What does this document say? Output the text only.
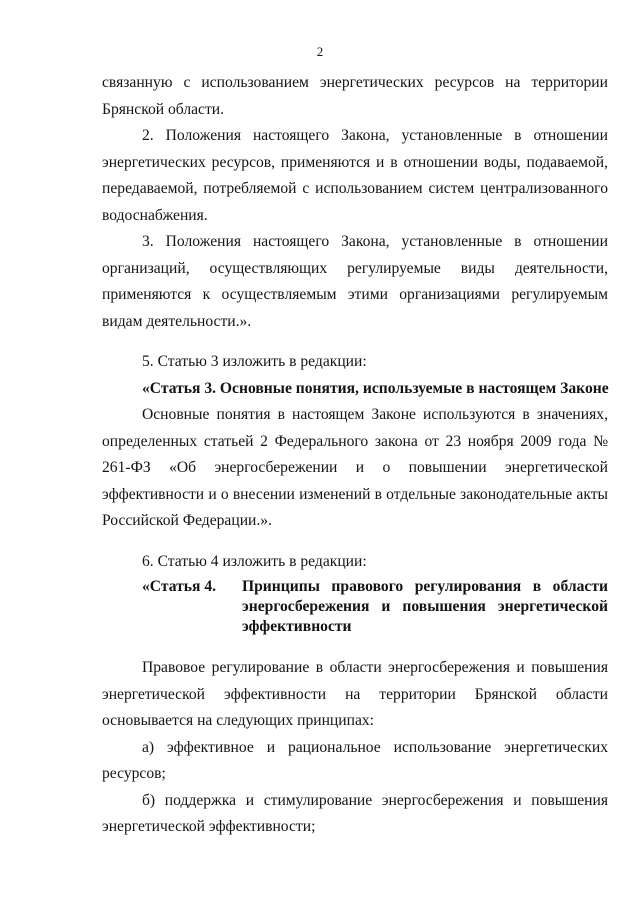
2

связанную с использованием энергетических ресурсов на территории Брянской области.

2. Положения настоящего Закона, установленные в отношении энергетических ресурсов, применяются и в отношении воды, подаваемой, передаваемой, потребляемой с использованием систем централизованного водоснабжения.

3. Положения настоящего Закона, установленные в отношении организаций, осуществляющих регулируемые виды деятельности, применяются к осуществляемым этими организациями регулируемым видам деятельности.».

5. Статью 3 изложить в редакции:

«Статья 3. Основные понятия, используемые в настоящем Законе

Основные понятия в настоящем Законе используются в значениях, определенных статьей 2 Федерального закона от 23 ноября 2009 года № 261-ФЗ «Об энергосбережении и о повышении энергетической эффективности и о внесении изменений в отдельные законодательные акты Российской Федерации.».

6. Статью 4 изложить в редакции:

«Статья 4.	Принципы правового регулирования в области энергосбережения и повышения энергетической эффективности

Правовое регулирование в области энергосбережения и повышения энергетической эффективности на территории Брянской области основывается на следующих принципах:

а) эффективное и рациональное использование энергетических ресурсов;

б) поддержка и стимулирование энергосбережения и повышения энергетической эффективности;
